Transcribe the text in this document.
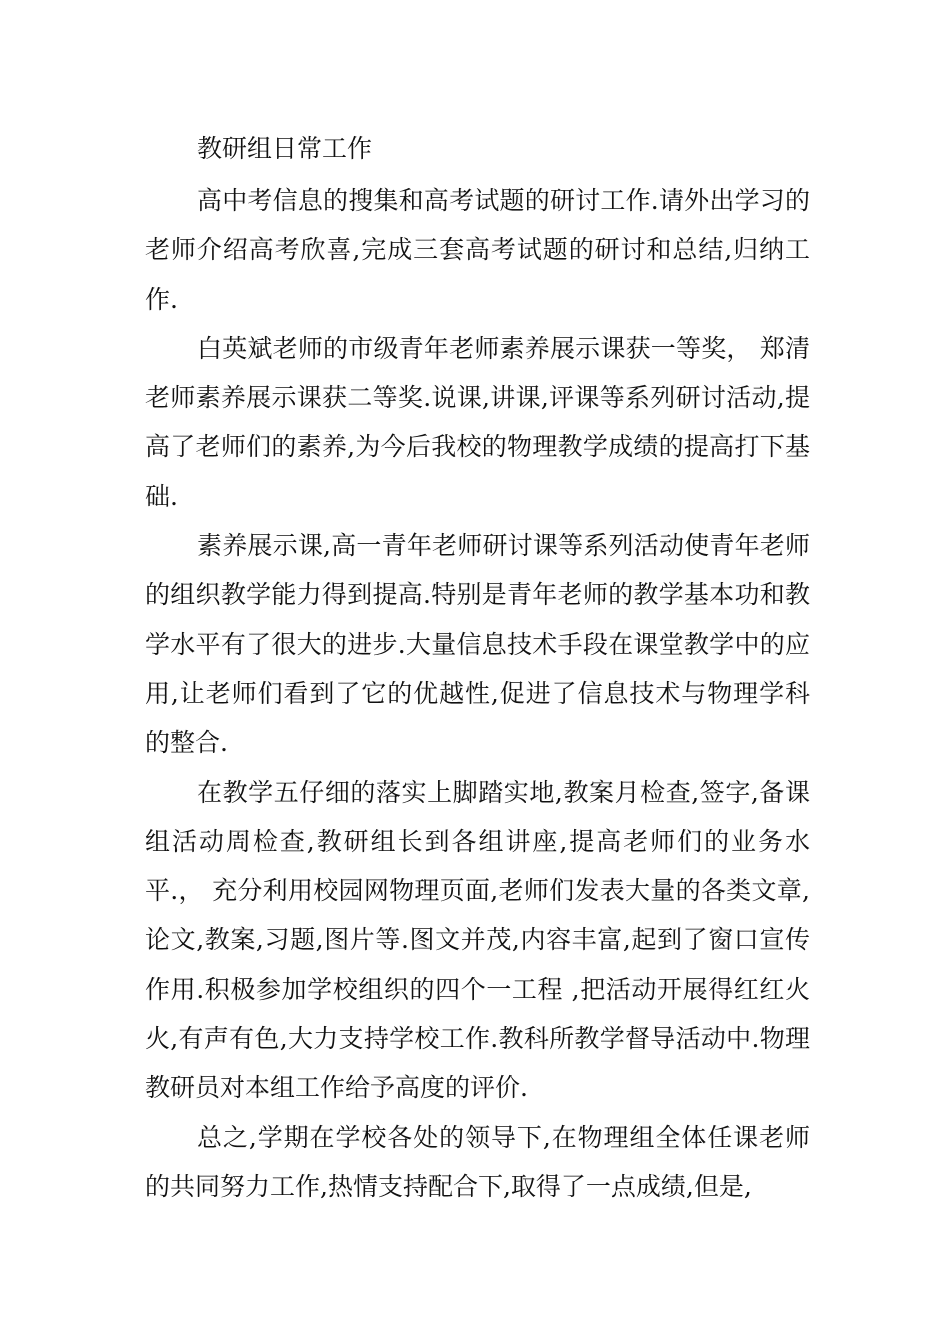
教研组日常工作

高中考信息的搜集和高考试题的研讨工作.请外出学习的老师介绍高考欣喜,完成三套高考试题的研讨和总结,归纳工作.

白英斌老师的市级青年老师素养展示课获一等奖， 郑清老师素养展示课获二等奖.说课,讲课,评课等系列研讨活动,提高了老师们的素养,为今后我校的物理教学成绩的提高打下基础.

素养展示课,高一青年老师研讨课等系列活动使青年老师的组织教学能力得到提高.特别是青年老师的教学基本功和教学水平有了很大的进步.大量信息技术手段在课堂教学中的应用,让老师们看到了它的优越性,促进了信息技术与物理学科的整合.

在教学五仔细的落实上脚踏实地,教案月检查,签字,备课组活动周检查,教研组长到各组讲座,提高老师们的业务水平.， 充分利用校园网物理页面,老师们发表大量的各类文章,论文,教案,习题,图片等.图文并茂,内容丰富,起到了窗口宣传作用.积极参加学校组织的四个一工程 ,把活动开展得红红火火,有声有色,大力支持学校工作.教科所教学督导活动中.物理教研员对本组工作给予高度的评价.

总之,学期在学校各处的领导下,在物理组全体任课老师的共同努力工作,热情支持配合下,取得了一点成绩,但是,
